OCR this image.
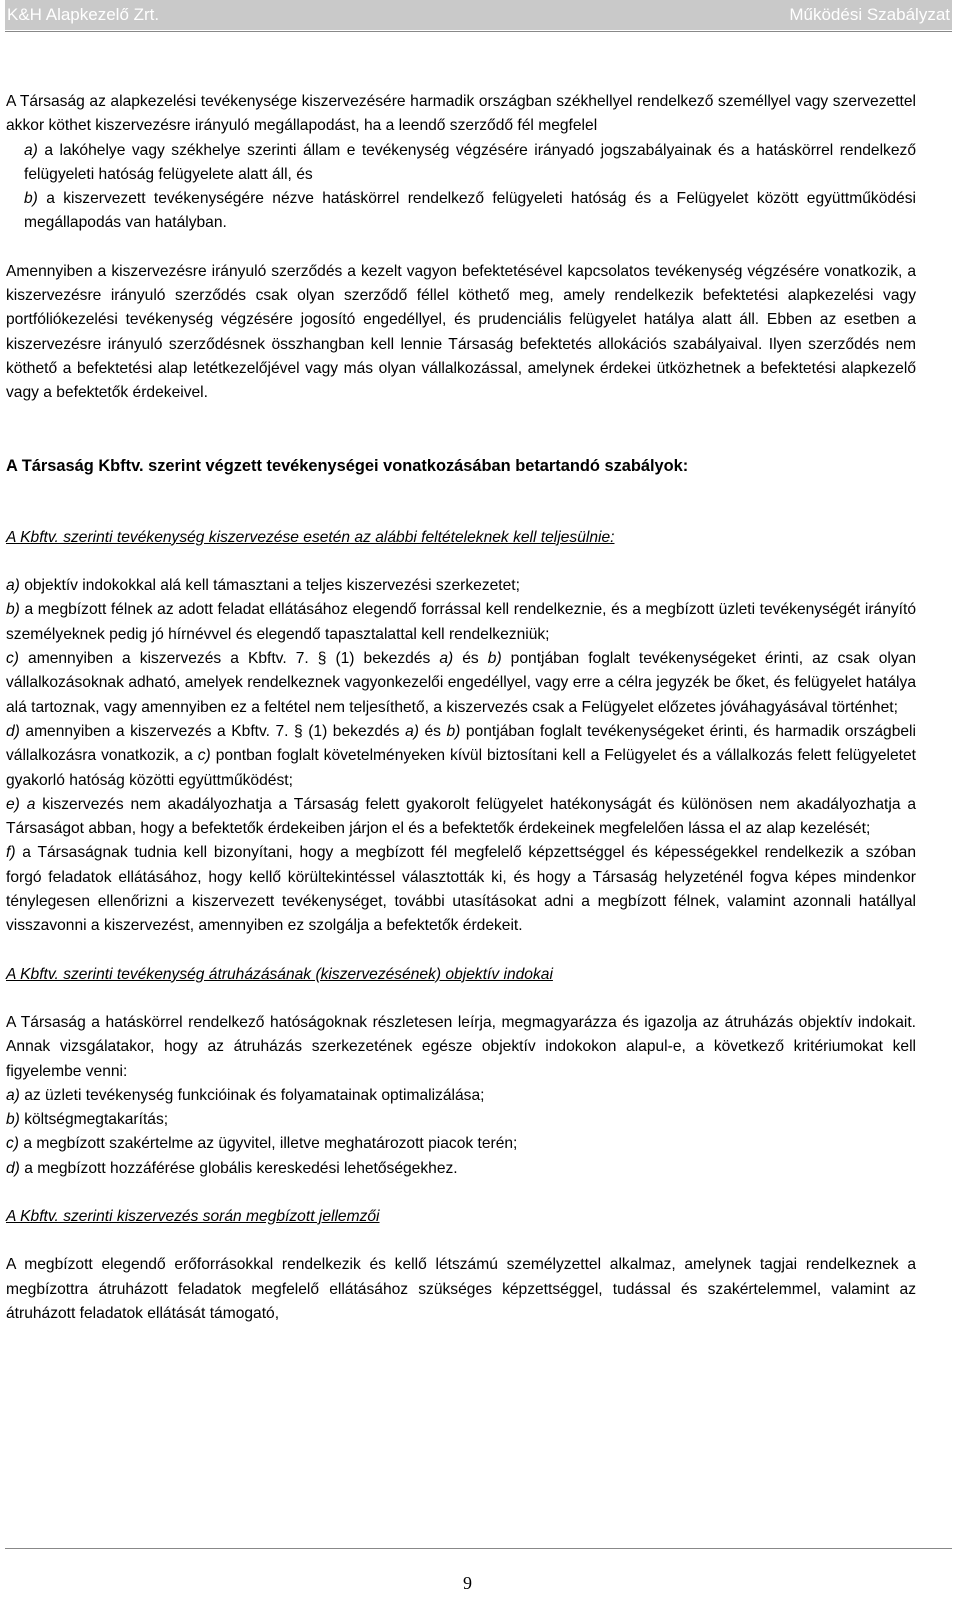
K&H Alapkezelő Zrt.	Működési Szabályzat

A Társaság az alapkezelési tevékenysége kiszervezésére harmadik országban székhellyel rendelkező személlyel vagy szervezettel akkor köthet kiszervezésre irányuló megállapodást, ha a leendő szerződő fél megfelel

a) a lakóhelye vagy székhelye szerinti állam e tevékenység végzésére irányadó jogszabályainak és a hatáskörrel rendelkező felügyeleti hatóság felügyelete alatt áll, és

b) a kiszervezett tevékenységére nézve hatáskörrel rendelkező felügyeleti hatóság és a Felügyelet között együttműködési megállapodás van hatályban.

Amennyiben a kiszervezésre irányuló szerződés a kezelt vagyon befektetésével kapcsolatos tevékenység végzésére vonatkozik, a kiszervezésre irányuló szerződés csak olyan szerződő féllel köthető meg, amely rendelkezik befektetési alapkezelési vagy portfóliókezelési tevékenység végzésére jogosító engedéllyel, és prudenciális felügyelet hatálya alatt áll. Ebben az esetben a kiszervezésre irányuló szerződésnek összhangban kell lennie Társaság befektetés allokációs szabályaival. Ilyen szerződés nem köthető a befektetési alap letétkezelőjével vagy más olyan vállalkozással, amelynek érdekei ütközhetnek a befektetési alapkezelő vagy a befektetők érdekeivel.

A Társaság Kbftv. szerint végzett tevékenységei vonatkozásában betartandó szabályok:

A Kbftv. szerinti tevékenység kiszervezése esetén az alábbi feltételeknek kell teljesülnie:

a) objektív indokokkal alá kell támasztani a teljes kiszervezési szerkezetet;

b) a megbízott félnek az adott feladat ellátásához elegendő forrással kell rendelkeznie, és a megbízott üzleti tevékenységét irányító személyeknek pedig jó hírnévvel és elegendő tapasztalattal kell rendelkezniük;

c) amennyiben a kiszervezés a Kbftv. 7. § (1) bekezdés a) és b) pontjában foglalt tevékenységeket érinti, az csak olyan vállalkozásoknak adható, amelyek rendelkeznek vagyonkezelői engedéllyel, vagy erre a célra jegyzék be őket, és felügyelet hatálya alá tartoznak, vagy amennyiben ez a feltétel nem teljesíthető, a kiszervezés csak a Felügyelet előzetes jóváhagyásával történhet;

d) amennyiben a kiszervezés a Kbftv. 7. § (1) bekezdés a) és b) pontjában foglalt tevékenységeket érinti, és harmadik országbeli vállalkozásra vonatkozik, a c) pontban foglalt követelményeken kívül biztosítani kell a Felügyelet és a vállalkozás felett felügyeletet gyakorló hatóság közötti együttműködést;

e) a kiszervezés nem akadályozhatja a Társaság felett gyakorolt felügyelet hatékonyságát és különösen nem akadályozhatja a Társaságot abban, hogy a befektetők érdekeiben járjon el és a befektetők érdekeinek megfelelően lássa el az alap kezelését;

f) a Társaságnak tudnia kell bizonyítani, hogy a megbízott fél megfelelő képzettséggel és képességekkel rendelkezik a szóban forgó feladatok ellátásához, hogy kellő körültekintéssel választották ki, és hogy a Társaság helyzeténél fogva képes mindenkor ténylegesen ellenőrizni a kiszervezett tevékenységet, további utasításokat adni a megbízott félnek, valamint azonnali hatállyal visszavonni a kiszervezést, amennyiben ez szolgálja a befektetők érdekeit.

A Kbftv. szerinti tevékenység átruházásának (kiszervezésének) objektív indokai

A Társaság a hatáskörrel rendelkező hatóságoknak részletesen leírja, megmagyarázza és igazolja az átruházás objektív indokait. Annak vizsgálatakor, hogy az átruházás szerkezetének egésze objektív indokokon alapul-e, a következő kritériumokat kell figyelembe venni:

a) az üzleti tevékenység funkcióinak és folyamatainak optimalizálása;

b) költségmegtakarítás;

c) a megbízott szakértelme az ügyvitel, illetve meghatározott piacok terén;

d) a megbízott hozzáférése globális kereskedési lehetőségekhez.

A Kbftv. szerinti kiszervezés során megbízott jellemzői

A megbízott elegendő erőforrásokkal rendelkezik és kellő létszámú személyzettel alkalmaz, amelynek tagjai rendelkeznek a megbízottra átruházott feladatok megfelelő ellátásához szükséges képzettséggel, tudással és szakértelemmel, valamint az átruházott feladatok ellátását támogató,

9
